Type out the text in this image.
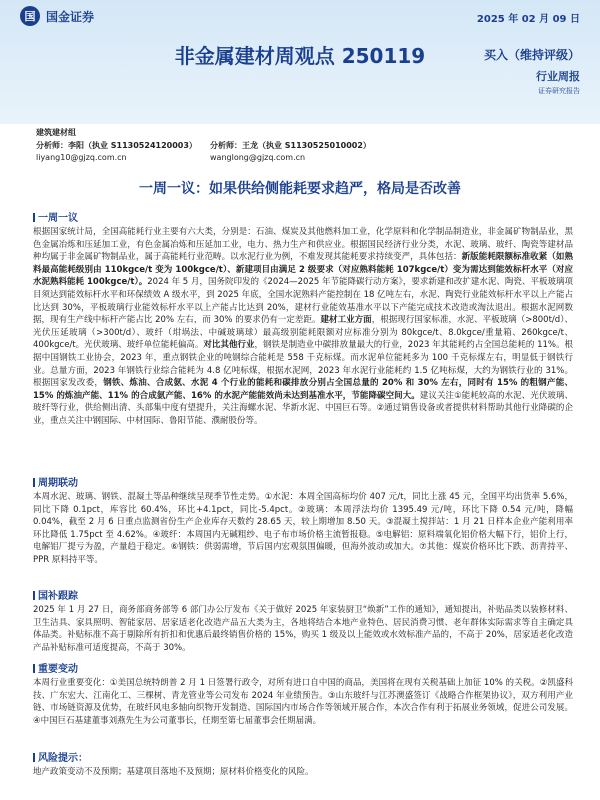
国 国金证券	2025 年 02 月 09 日
非金属建材周观点 250119	买入（维持评级）
行业周报
证券研究报告
建筑建材组
分析师：李阳（执业 S1130524120003）
liyang10@gjzq.com.cn
分析师：王龙（执业 S1130525010002）
wanglong@gjzq.com.cn
一周一议：如果供给侧能耗要求趋严，格局是否改善
一周一议

根据国家统计局，全国高能耗行业主要有六大类，分别是：石油、煤炭及其他燃料加工业，化学原料和化学制品制造业，非金属矿物制品业，黑色金属冶炼和压延加工业，有色金属冶炼和压延加工业，电力、热力生产和供应业。根据国民经济行业分类，水泥、玻璃、玻纤、陶瓷等建材品种均属于非金属矿物制品业，属于高能耗行业范畴。以水泥行业为例，不难发现其能耗要求持续变严，具体包括：新版能耗限额标准收紧（如熟料最高能耗级别由 110kgce/t 变为 100kgce/t）、新建项目由满足 2 级要求（对应熟料能耗 107kgce/t）变为需达到能效标杆水平（对应水泥熟料能耗 100kgce/t）。2024 年 5 月，国务院印发的《2024—2025 年节能降碳行动方案》，要求新建和改扩建水泥、陶瓷、平板玻璃项目须达到能效标杆水平和环保绩效 A 级水平，到 2025 年底，全国水泥熟料产能控制在 18 亿吨左右，水泥、陶瓷行业能效标杆水平以上产能占比达到 30%，平板玻璃行业能效标杆水平以上产能占比达到 20%，建材行业能效基准水平以下产能完成技术改造或淘汰退出。根据水泥网数据，现有生产线中标杆产能占比 20% 左右，而 30% 的要求仍有一定差距。建材工业方面，根据现行国家标准，水泥、平板玻璃（>800t/d）、光伏压延玻璃（>300t/d）、玻纤（坩埚法、中碱玻璃球）最高级别能耗限额对应标准分别为 80kgce/t、8.0kgce/重量箱、260kgce/t、400kgce/t。光伏玻璃、玻纤单位能耗偏高。对比其他行业，钢铁是制造业中碳排放量最大的行业，2023 年其能耗约占全国总能耗的 11%。根据中国钢铁工业协会，2023 年，重点钢铁企业的吨钢综合能耗是 558 千克标煤。而水泥单位能耗多为 100 千克标煤左右，明显低于钢铁行业。总量方面，2023 年钢铁行业综合能耗为 4.8 亿吨标煤，根据水泥网，2023 年水泥行业能耗约 1.5 亿吨标煤，大约为钢铁行业的 31%。根据国家发改委，钢铁、炼油、合成氨、水泥 4 个行业的能耗和碳排放分别占全国总量的 20% 和 30% 左右，同时有 15% 的粗钢产能、15% 的炼油产能、11% 的合成氨产能、16% 的水泥产能能效尚未达到基准水平，节能降碳空间大。建议关注①能耗较高的水泥、光伏玻璃、玻纤等行业，供给侧出清、头部集中度有望提升，关注海螺水泥、华新水泥、中国巨石等。②通过销售设备或者提供材料帮助其他行业降碳的企业，重点关注中钢国际、中材国际、鲁阳节能、濮耐股份等。

周期联动

本周水泥、玻璃、钢铁、混凝土等品种继续呈现季节性走势。①水泥：本周全国高标均价 407 元/t，同比上涨 45 元，全国平均出货率 5.6%，同比下降 0.1pct，库容比 60.4%，环比+4.1pct，同比-5.4pct。②玻璃：本周浮法均价 1395.49 元/吨，环比下降 0.54 元/吨，降幅 0.04%，截至 2 月 6 日重点监测省份生产企业库存天数约 28.65 天，较上期增加 8.50 天。③混凝土搅拌站：1 月 21 日样本企业产能利用率环比降低 1.75pct 至 4.62%。④玻纤：本周国内无碱粗纱、电子布市场价格主流暂报稳。⑤电解铝：原料端氧化铝价格大幅下行，铝价上行，电解铝厂提亏为盈，产量趋于稳定。⑥钢铁：供弱需增，节后国内宏观氛围偏暖，但海外波动或加大。⑦其他：煤炭价格环比下跌、沥青持平、PPR 原料持平等。

国补跟踪

2025 年 1 月 27 日，商务部商务部等 6 部门办公厅发布《关于做好 2025 年家装厨卫“焕新”工作的通知》，通知提出，补贴品类以装修材料、卫生洁具、家具照明、智能家居、居家适老化改造产品五大类为主，各地将结合本地产业特色、居民消费习惯、老年群体实际需求等自主确定具体品类。补贴标准不高于剔除所有折扣和优惠后最终销售价格的 15%，购买 1 级及以上能效或水效标准产品的，不高于 20%，居家适老化改造产品补贴标准可适度提高，不高于 30%。

重要变动

本周行业重要变化：①美国总统特朗普 2 月 1 日签署行政令，对所有进口自中国的商品，美国将在现有关税基础上加征 10% 的关税。②凯盛科技、广东宏大、江南化工、三棵树、青龙管业等公司发布 2024 年业绩预告。③山东玻纤与江苏澳盛签订《战略合作框架协议》，双方利用产业链、市场链资源及优势，在玻纤风电多轴向织物开发制造、国际国内市场合作等领域开展合作，本次合作有利于拓展业务领域，促进公司发展。④中国巨石基建董事刘燕先生为公司董事长，任期至第七届董事会任期届满。

风险提示：

地产政策变动不及预期；基建项目落地不及预期；原材料价格变化的风险。
